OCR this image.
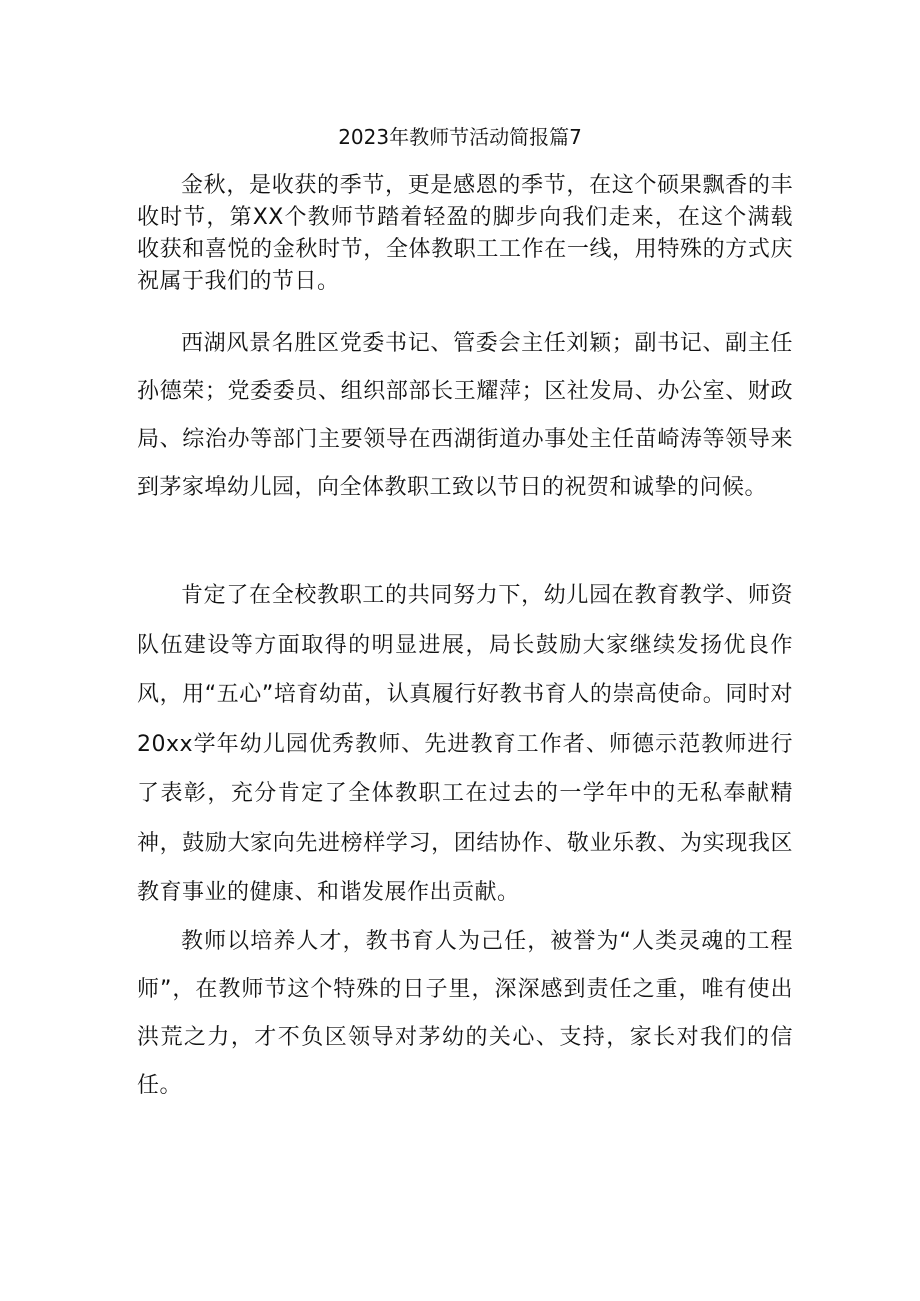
2023年教师节活动简报篇7

金秋，是收获的季节，更是感恩的季节，在这个硕果飘香的丰收时节，第XX个教师节踏着轻盈的脚步向我们走来，在这个满载收获和喜悦的金秋时节，全体教职工工作在一线，用特殊的方式庆祝属于我们的节日。

西湖风景名胜区党委书记、管委会主任刘颖；副书记、副主任孙德荣；党委委员、组织部部长王耀萍；区社发局、办公室、财政局、综治办等部门主要领导在西湖街道办事处主任苗崎涛等领导来到茅家埠幼儿园，向全体教职工致以节日的祝贺和诚挚的问候。

肯定了在全校教职工的共同努力下，幼儿园在教育教学、师资队伍建设等方面取得的明显进展，局长鼓励大家继续发扬优良作风，用“五心”培育幼苗，认真履行好教书育人的崇高使命。同时对20xx学年幼儿园优秀教师、先进教育工作者、师德示范教师进行了表彰，充分肯定了全体教职工在过去的一学年中的无私奉献精神，鼓励大家向先进榜样学习，团结协作、敬业乐教、为实现我区教育事业的健康、和谐发展作出贡献。

教师以培养人才，教书育人为己任，被誉为“人类灵魂的工程师”，在教师节这个特殊的日子里，深深感到责任之重，唯有使出洪荒之力，才不负区领导对茅幼的关心、支持，家长对我们的信任。
